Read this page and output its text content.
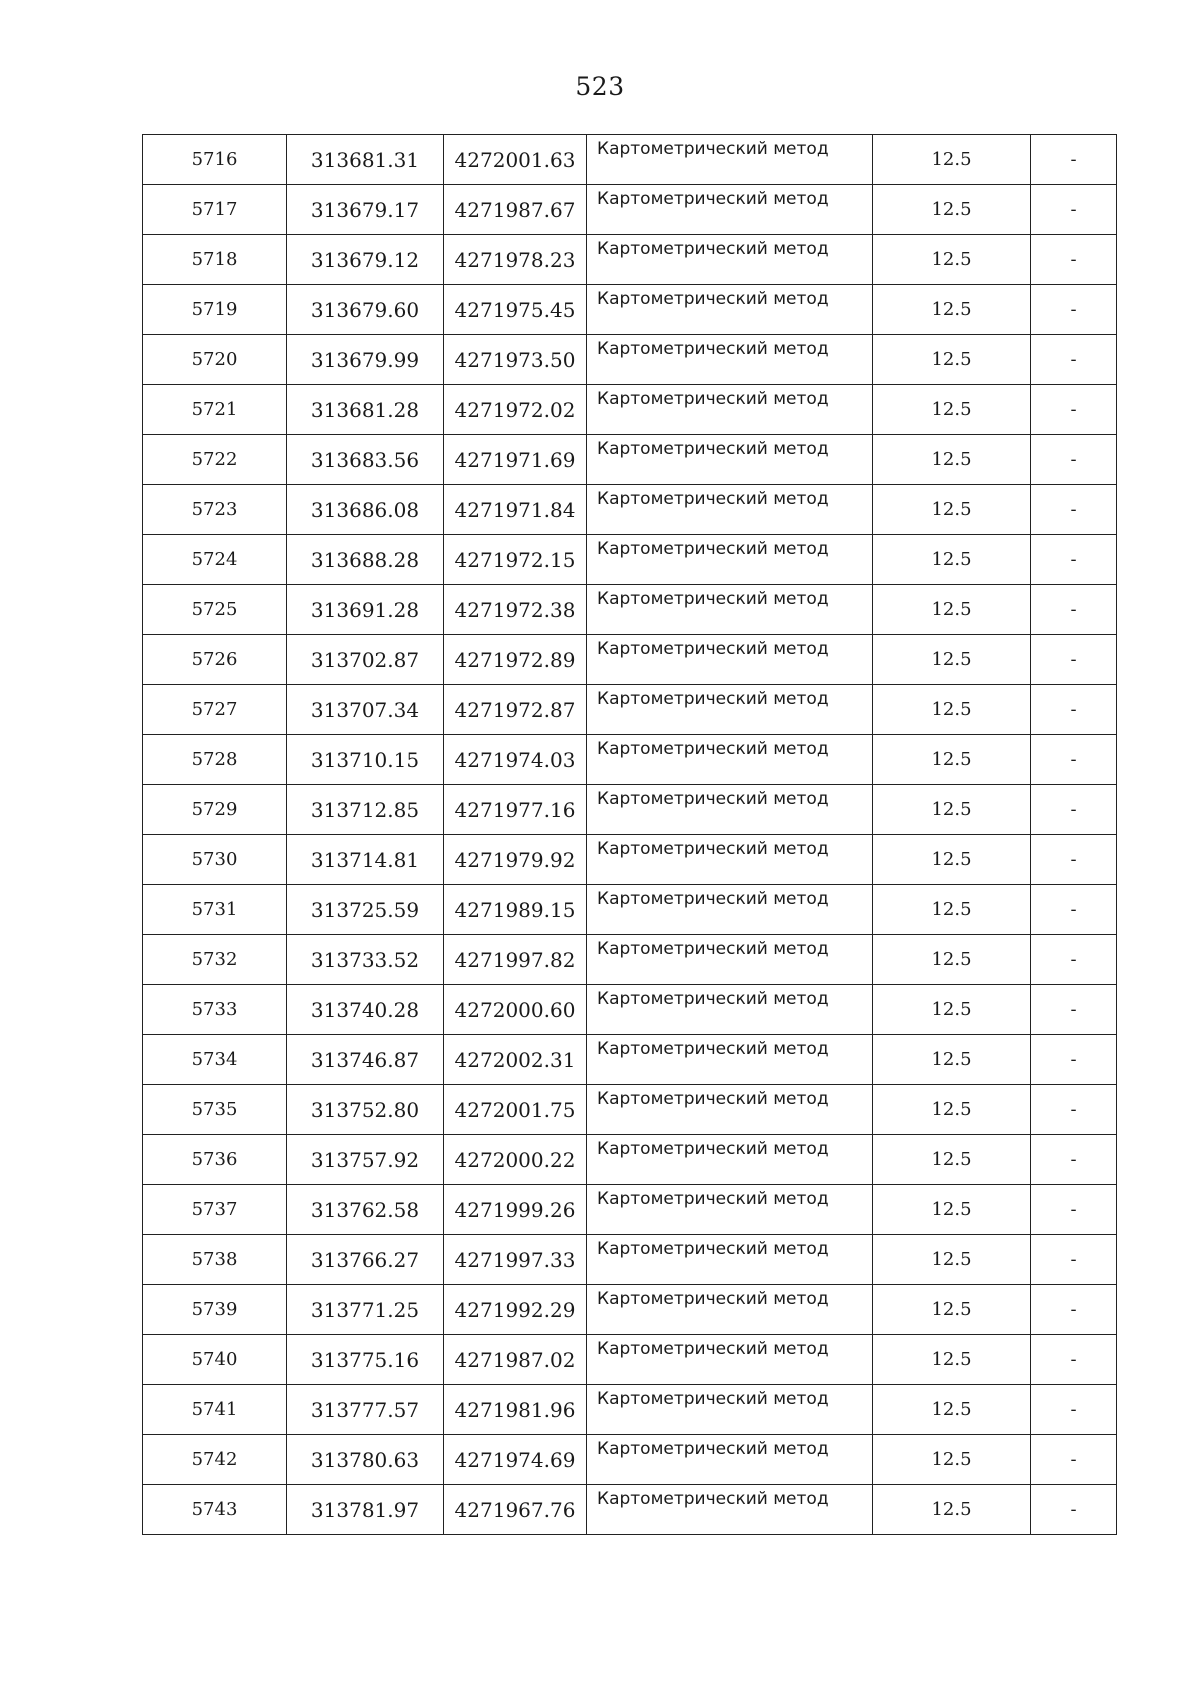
523
5716	313681.31	4272001.63	Картометрический метод	12.5	-
5717	313679.17	4271987.67	Картометрический метод	12.5	-
5718	313679.12	4271978.23	Картометрический метод	12.5	-
5719	313679.60	4271975.45	Картометрический метод	12.5	-
5720	313679.99	4271973.50	Картометрический метод	12.5	-
5721	313681.28	4271972.02	Картометрический метод	12.5	-
5722	313683.56	4271971.69	Картометрический метод	12.5	-
5723	313686.08	4271971.84	Картометрический метод	12.5	-
5724	313688.28	4271972.15	Картометрический метод	12.5	-
5725	313691.28	4271972.38	Картометрический метод	12.5	-
5726	313702.87	4271972.89	Картометрический метод	12.5	-
5727	313707.34	4271972.87	Картометрический метод	12.5	-
5728	313710.15	4271974.03	Картометрический метод	12.5	-
5729	313712.85	4271977.16	Картометрический метод	12.5	-
5730	313714.81	4271979.92	Картометрический метод	12.5	-
5731	313725.59	4271989.15	Картометрический метод	12.5	-
5732	313733.52	4271997.82	Картометрический метод	12.5	-
5733	313740.28	4272000.60	Картометрический метод	12.5	-
5734	313746.87	4272002.31	Картометрический метод	12.5	-
5735	313752.80	4272001.75	Картометрический метод	12.5	-
5736	313757.92	4272000.22	Картометрический метод	12.5	-
5737	313762.58	4271999.26	Картометрический метод	12.5	-
5738	313766.27	4271997.33	Картометрический метод	12.5	-
5739	313771.25	4271992.29	Картометрический метод	12.5	-
5740	313775.16	4271987.02	Картометрический метод	12.5	-
5741	313777.57	4271981.96	Картометрический метод	12.5	-
5742	313780.63	4271974.69	Картометрический метод	12.5	-
5743	313781.97	4271967.76	Картометрический метод	12.5	-
